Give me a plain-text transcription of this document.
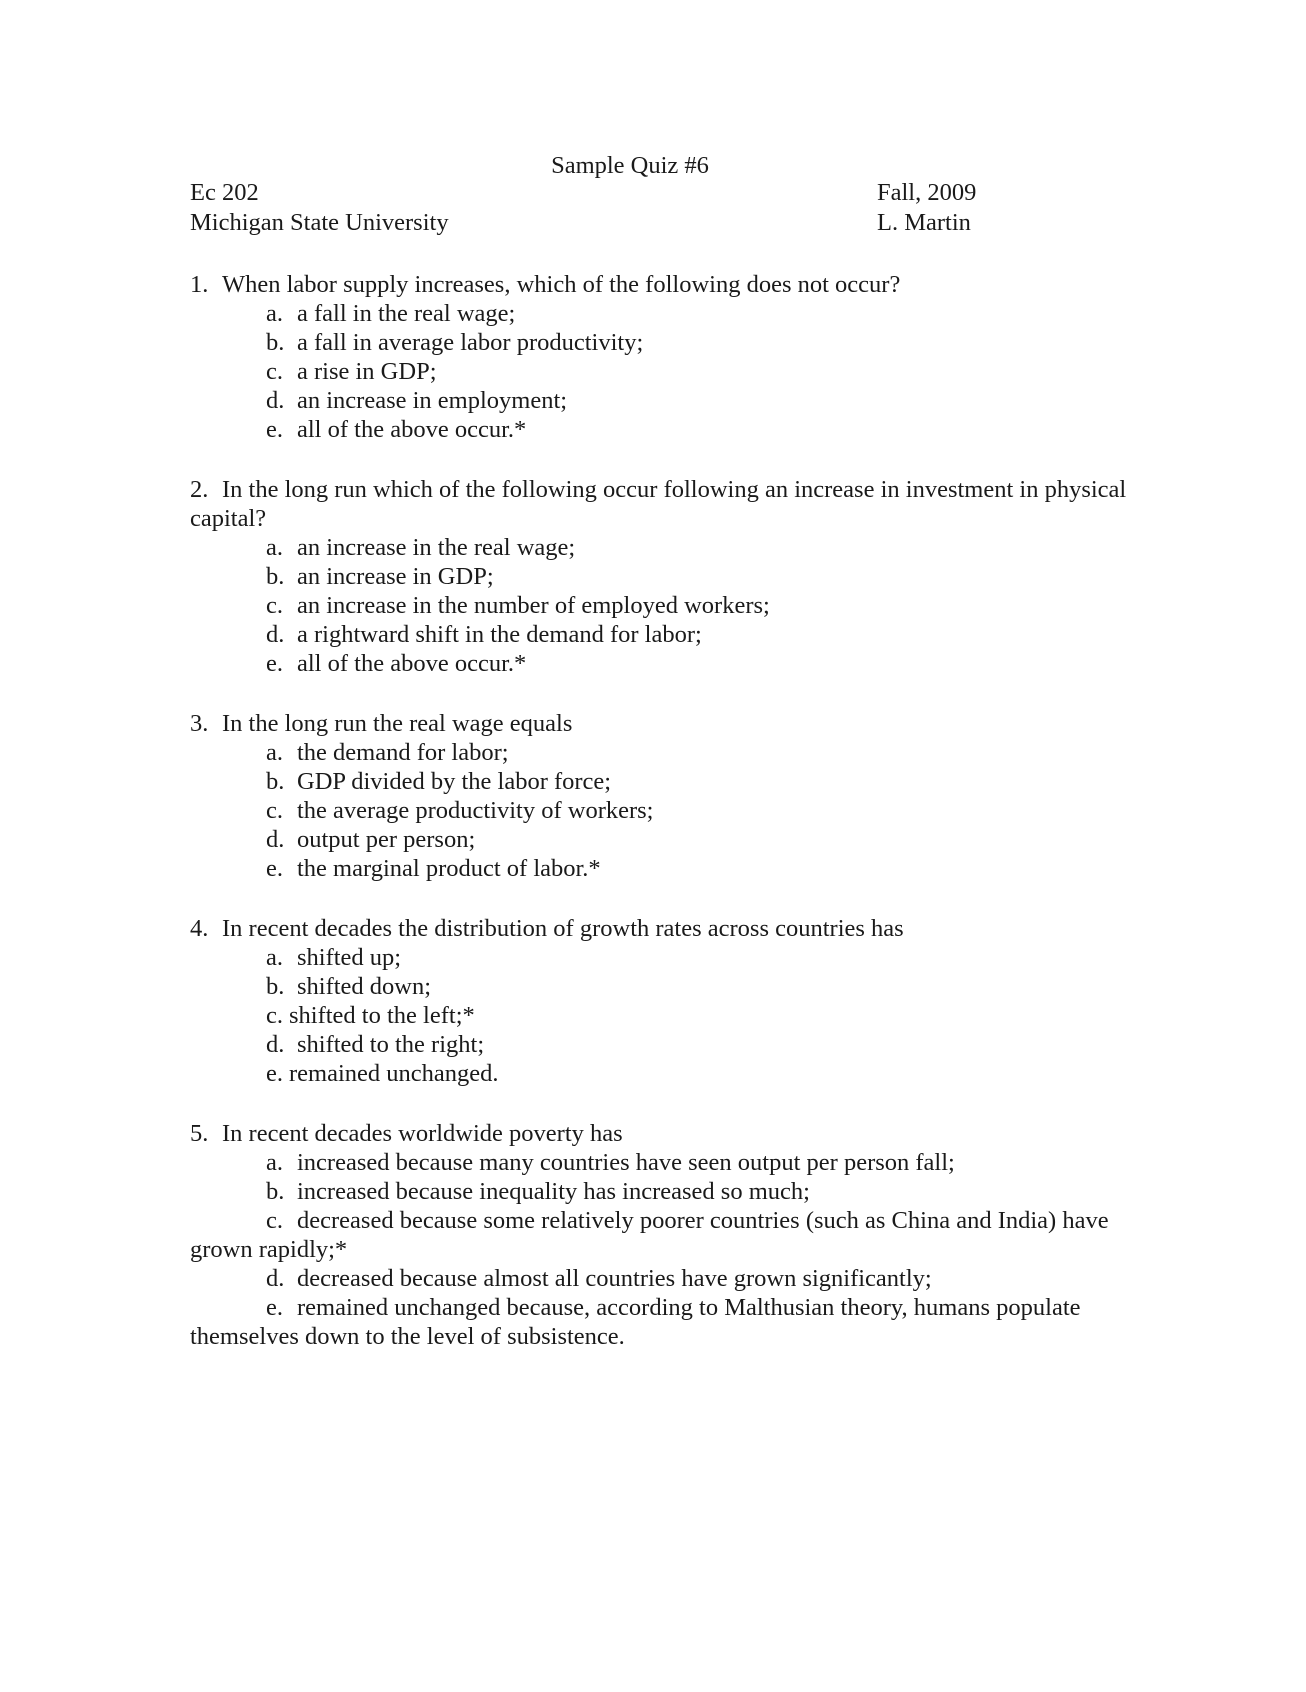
Sample Quiz #6
Ec 202	Fall, 2009
Michigan State University	L. Martin

1. When labor supply increases, which of the following does not occur?

a. a fall in the real wage;
b. a fall in average labor productivity;
c. a rise in GDP;
d. an increase in employment;
e. all of the above occur.*

2. In the long run which of the following occur following an increase in investment in physical capital?

a. an increase in the real wage;
b. an increase in GDP;
c. an increase in the number of employed workers;
d. a rightward shift in the demand for labor;
e. all of the above occur.*

3. In the long run the real wage equals

a. the demand for labor;
b. GDP divided by the labor force;
c. the average productivity of workers;
d. output per person;
e. the marginal product of labor.*

4. In recent decades the distribution of growth rates across countries has

a. shifted up;
b. shifted down;
c. shifted to the left;*
d. shifted to the right;
e. remained unchanged.

5. In recent decades worldwide poverty has

a. increased because many countries have seen output per person fall;
b. increased because inequality has increased so much;
c. decreased because some relatively poorer countries (such as China and India) have grown rapidly;*
d. decreased because almost all countries have grown significantly;
e. remained unchanged because, according to Malthusian theory, humans populate themselves down to the level of subsistence.
